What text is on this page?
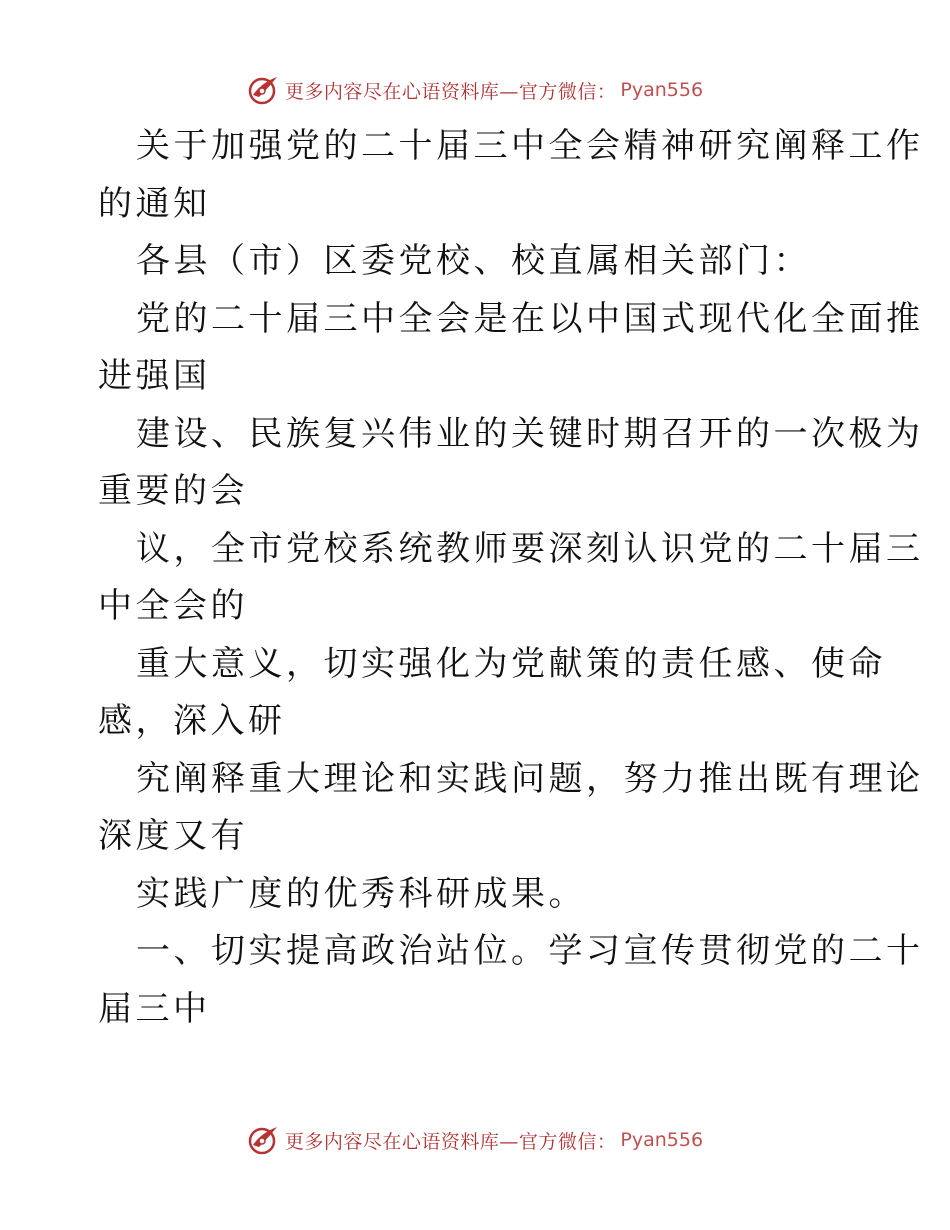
更多内容尽在心语资料库—官方微信： Pyan556
关于加强党的二十届三中全会精神研究阐释工作
的通知
各县（市）区委党校、校直属相关部门：
党的二十届三中全会是在以中国式现代化全面推
进强国
建设、民族复兴伟业的关键时期召开的一次极为
重要的会
议，全市党校系统教师要深刻认识党的二十届三
中全会的
重大意义，切实强化为党献策的责任感、使命
感，深入研
究阐释重大理论和实践问题，努力推出既有理论
深度又有
实践广度的优秀科研成果。
一、切实提高政治站位。学习宣传贯彻党的二十
届三中
更多内容尽在心语资料库—官方微信： Pyan556
